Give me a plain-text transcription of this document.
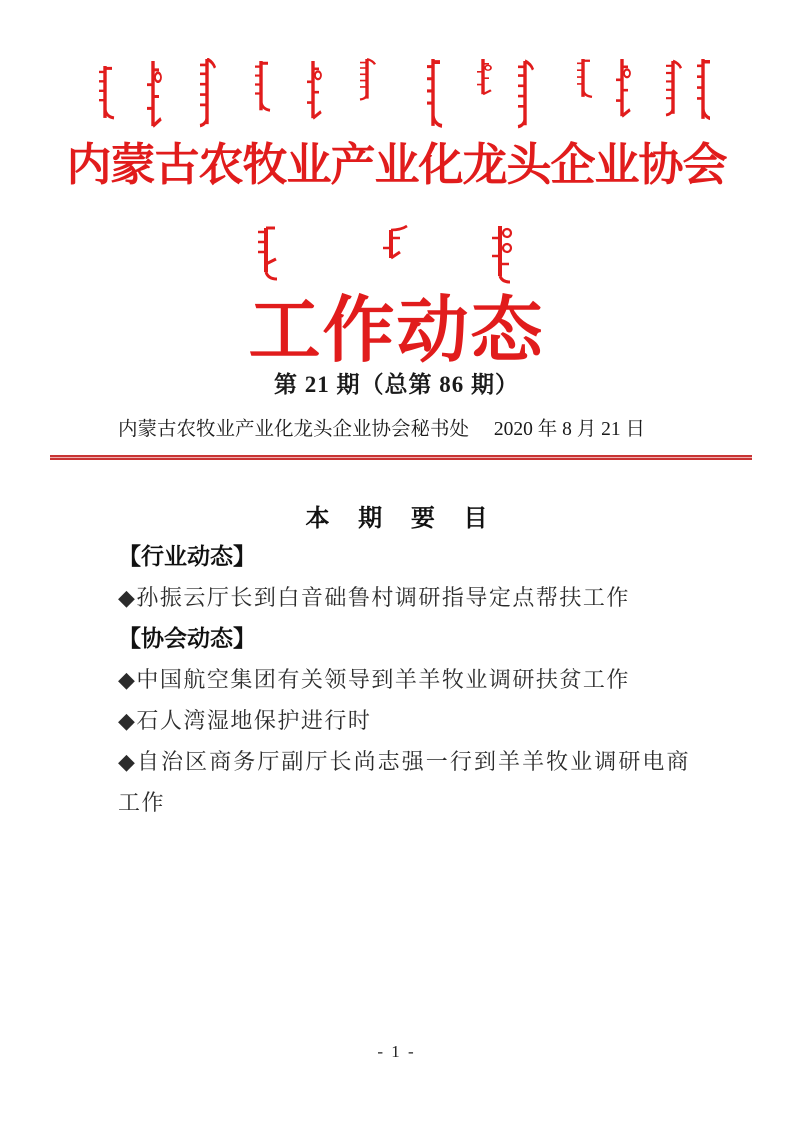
内蒙古农牧业产业化龙头企业协会
工作动态
第 21 期（总第 86 期）
内蒙古农牧业产业化龙头企业协会秘书处 2020 年 8 月 21 日
本 期 要 目
【行业动态】
◆孙振云厅长到白音础鲁村调研指导定点帮扶工作
【协会动态】
◆中国航空集团有关领导到羊羊牧业调研扶贫工作
◆石人湾湿地保护进行时
◆自治区商务厅副厅长尚志强一行到羊羊牧业调研电商工作
- 1 -
